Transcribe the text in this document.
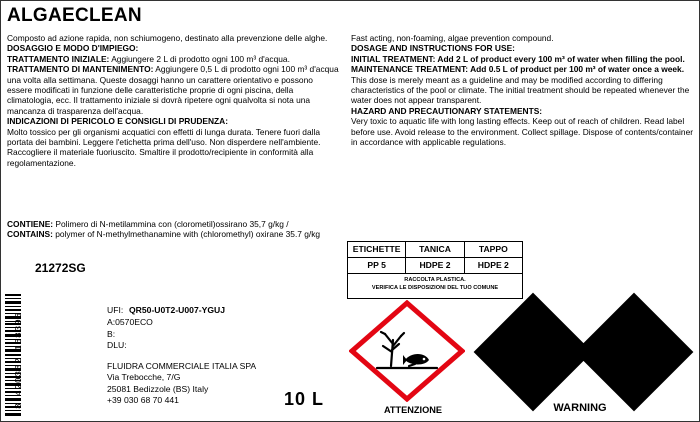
ALGAECLEAN

Composto ad azione rapida, non schiumogeno, destinato alla prevenzione delle alghe.

DOSAGGIO E MODO D'IMPIEGO:

TRATTAMENTO INIZIALE: Aggiungere 2 L di prodotto ogni 100 m³ d'acqua.

TRATTAMENTO DI MANTENIMENTO: Aggiungere 0,5 L di prodotto ogni 100 m³ d'acqua una volta alla settimana. Queste dosaggi hanno un carattere orientativo e possono essere modificati in funzione delle caratteristiche proprie di ogni piscina, della climatologia, ecc. Il trattamento iniziale si dovrà ripetere ogni qualvolta si nota una mancanza di trasparenza dell'acqua.

INDICAZIONI DI PERICOLO E CONSIGLI DI PRUDENZA:

Molto tossico per gli organismi acquatici con effetti di lunga durata. Tenere fuori dalla portata dei bambini. Leggere l'etichetta prima dell'uso. Non disperdere nell'ambiente. Raccogliere il materiale fuoriuscito. Smaltire il prodotto/recipiente in conformità alla regolamentazione.

Fast acting, non-foaming, algae prevention compound.

DOSAGE AND INSTRUCTIONS FOR USE:

INITIAL TREATMENT: Add 2 L of product every 100 m³ of water when filling the pool.

MAINTENANCE TREATMENT: Add 0.5 L of product per 100 m³ of water once a week.

This dose is merely meant as a guideline and may be modified according to differing characteristics of the pool or climate. The initial treatment should be repeated whenever the water does not appear transparent.

HAZARD AND PRECAUTIONARY STATEMENTS:

Very toxic to aquatic life with long lasting effects. Keep out of reach of children. Read label before use. Avoid release to the environment. Collect spillage. Dispose of contents/container in accordance with applicable regulations.

CONTIENE: Polimero di N-metilammina con (clorometil)ossirano 35,7 g/kg /

CONTAINS: polymer of N-methylmethanamine with (chloromethyl) oxirane 35.7 g/kg

21272SG
ETICHETTE	TANICA	TAPPO
PP 5	HDPE 2	HDPE 2
RACCOLTA PLASTICA.
VERIFICA LE DISPOSIZIONI DEL TUO COMUNE
8 420382 168396
UFI: QR50-U0T2-U007-YGUJ
A:0570ECO
B:
DLU:
FLUIDRA COMMERCIALE ITALIA SPA
Via Trebocche, 7/G
25081 Bedizzole (BS) Italy
+39 030 68 70 441	10 L
ATTENZIONE	WARNING
